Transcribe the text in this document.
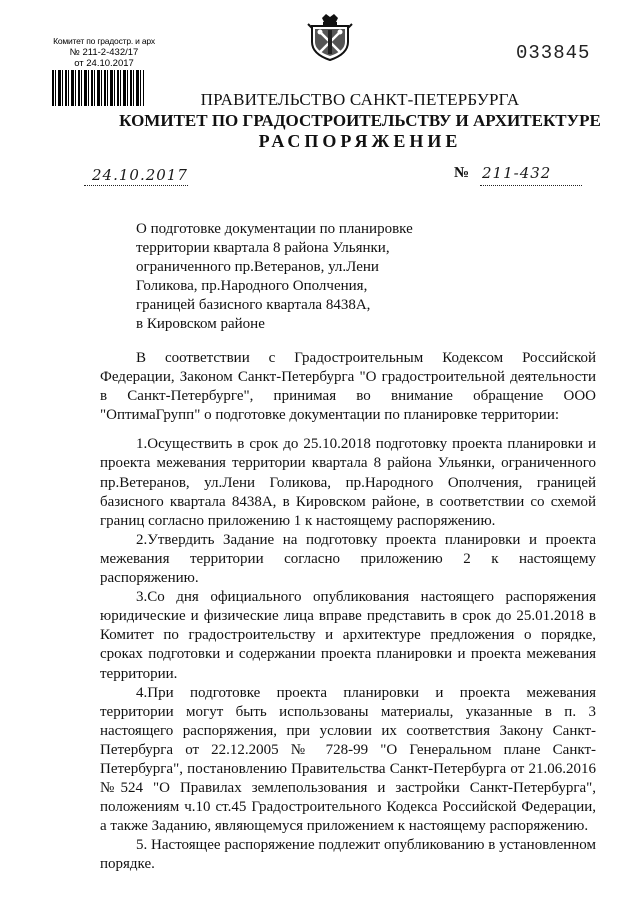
Комитет по градостр. и арх
№ 211-2-432/17
от 24.10.2017	033845
ПРАВИТЕЛЬСТВО САНКТ-ПЕТЕРБУРГА
КОМИТЕТ ПО ГРАДОСТРОИТЕЛЬСТВУ И АРХИТЕКТУРЕ
РАСПОРЯЖЕНИЕ
24.10.2017	№ 211-432
О подготовке документации по планировке
территории квартала 8 района Ульянки,
ограниченного пр.Ветеранов, ул.Лени
Голикова, пр.Народного Ополчения,
границей базисного квартала 8438А,
в Кировском районе

В соответствии с Градостроительным Кодексом Российской Федерации, Законом Санкт-Петербурга "О градостроительной деятельности в Санкт-Петербурге", принимая во внимание обращение ООО "ОптимаГрупп" о подготовке документации по планировке территории:

1.Осуществить в срок до 25.10.2018 подготовку проекта планировки и проекта межевания территории квартала 8 района Ульянки, ограниченного пр.Ветеранов, ул.Лени Голикова, пр.Народного Ополчения, границей базисного квартала 8438А, в Кировском районе, в соответствии со схемой границ согласно приложению 1 к настоящему распоряжению.

2.Утвердить Задание на подготовку проекта планировки и проекта межевания территории согласно приложению 2 к настоящему распоряжению.

3.Со дня официального опубликования настоящего распоряжения юридические и физические лица вправе представить в срок до 25.01.2018 в Комитет по градостроительству и архитектуре предложения о порядке, сроках подготовки и содержании проекта планировки и проекта межевания территории.

4.При подготовке проекта планировки и проекта межевания территории могут быть использованы материалы, указанные в п. 3 настоящего распоряжения, при условии их соответствия Закону Санкт-Петербурга от 22.12.2005 № 728-99 "О Генеральном плане Санкт-Петербурга", постановлению Правительства Санкт-Петербурга от 21.06.2016 №524 "О Правилах землепользования и застройки Санкт-Петербурга", положениям ч.10 ст.45 Градостроительного Кодекса Российской Федерации, а также Заданию, являющемуся приложением к настоящему распоряжению.

5. Настоящее распоряжение подлежит опубликованию в установленном порядке.
